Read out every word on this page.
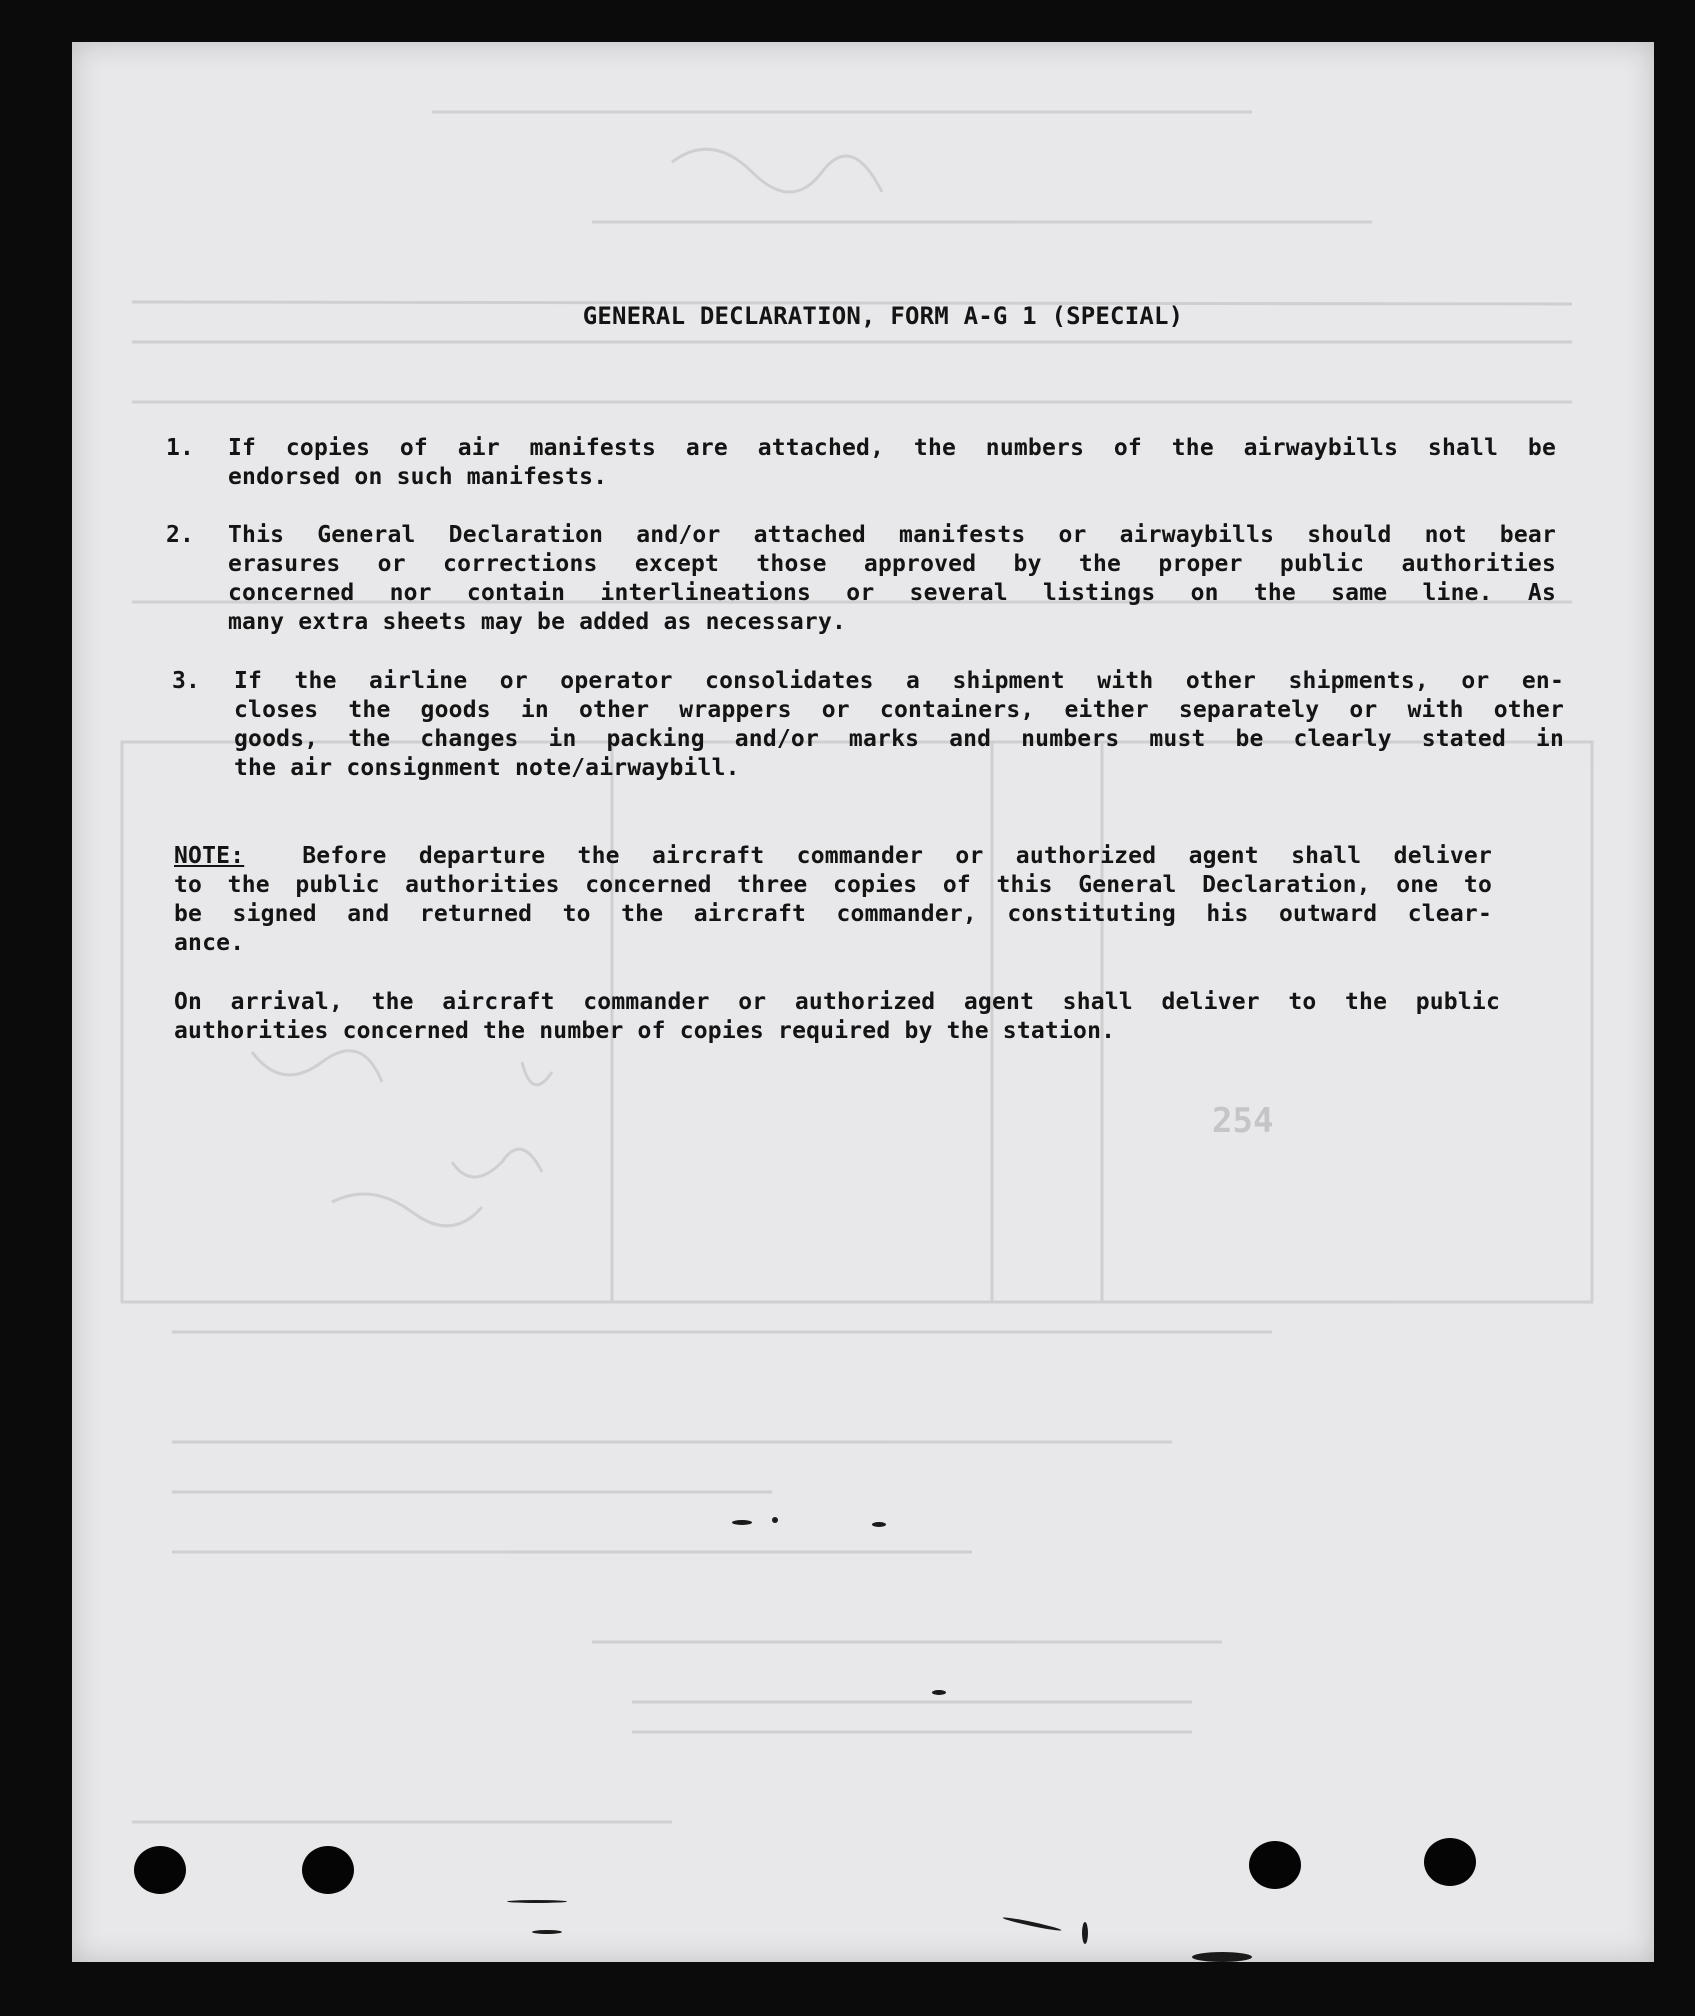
254
GENERAL DECLARATION, FORM A-G 1 (SPECIAL)
1.	If copies of air manifests are attached, the numbers of the airwaybills shall be
endorsed on such manifests.
2.	This General Declaration and/or attached manifests or airwaybills should not bear
erasures or corrections except those approved by the proper public authorities
concerned nor contain interlineations or several listings on the same line. As
many extra sheets may be added as necessary.
3.	If the airline or operator consolidates a shipment with other shipments, or en-
closes the goods in other wrappers or containers, either separately or with other
goods, the changes in packing and/or marks and numbers must be clearly stated in
the air consignment note/airwaybill.
NOTE:	Before departure the aircraft commander or authorized agent shall deliver
to the public authorities concerned three copies of this General Declaration, one to
be signed and returned to the aircraft commander, constituting his outward clear-
ance.
On arrival, the aircraft commander or authorized agent shall deliver to the public
authorities concerned the number of copies required by the station.
